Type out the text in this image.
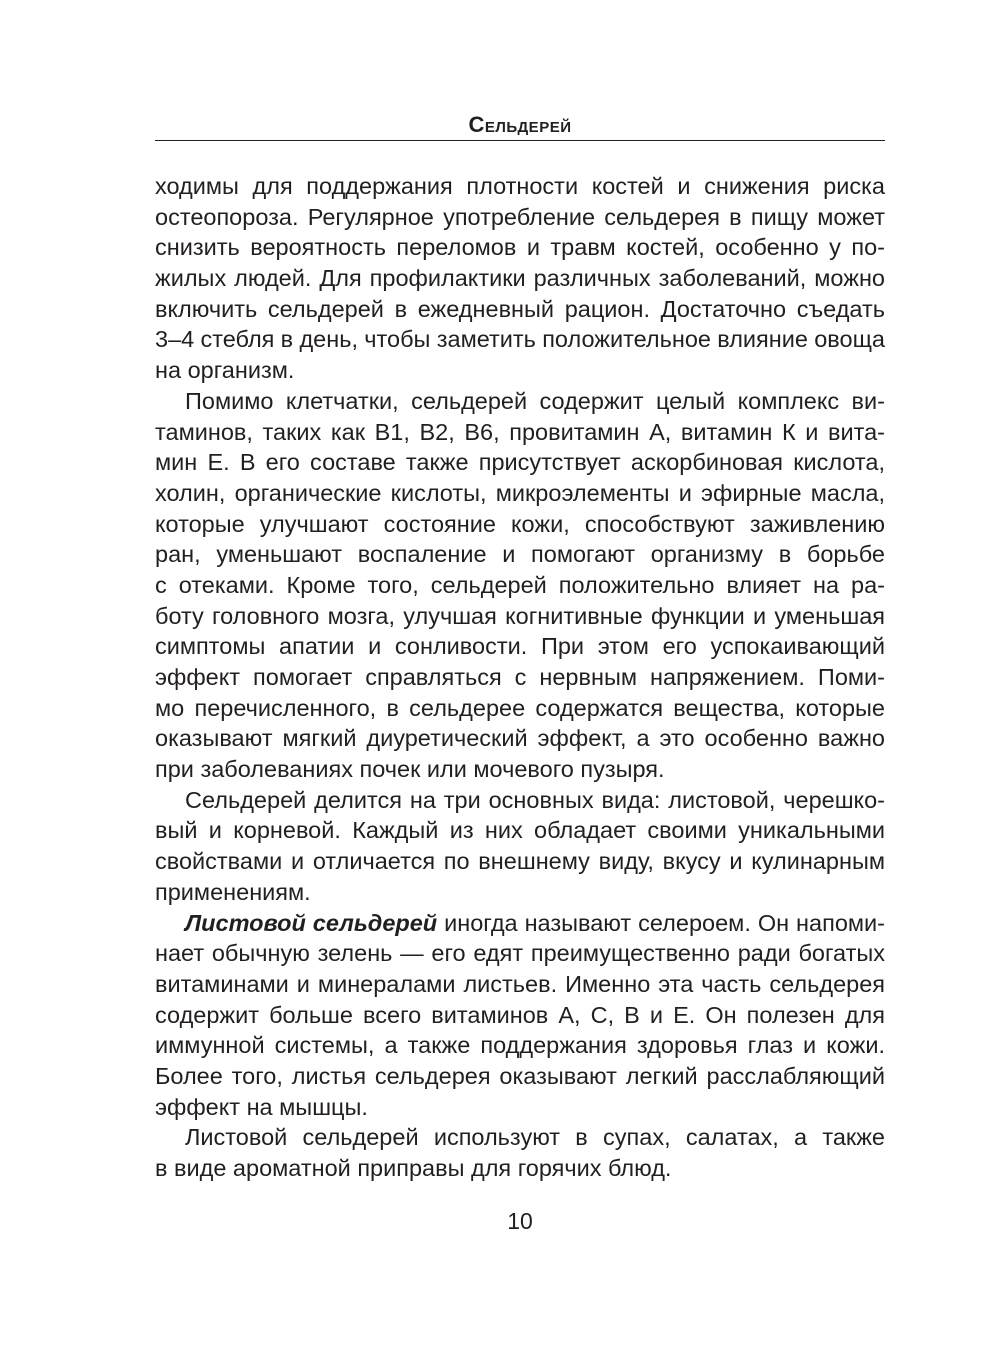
Сельдерей
ходимы для поддержания плотности костей и снижения риска
остеопороза. Регулярное употребление сельдерея в пищу может
снизить вероятность переломов и травм костей, особенно у по-
жилых людей. Для профилактики различных заболеваний, можно
включить сельдерей в ежедневный рацион. Достаточно съедать
3–4 стебля в день, чтобы заметить положительное влияние овоща
на организм.
Помимо клетчатки, сельдерей содержит целый комплекс ви-
таминов, таких как B1, B2, B6, провитамин А, витамин К и вита-
мин Е. В его составе также присутствует аскорбиновая кислота,
холин, органические кислоты, микроэлементы и эфирные масла,
которые улучшают состояние кожи, способствуют заживлению
ран, уменьшают воспаление и помогают организму в борьбе
с отеками. Кроме того, сельдерей положительно влияет на ра-
боту головного мозга, улучшая когнитивные функции и уменьшая
симптомы апатии и сонливости. При этом его успокаивающий
эффект помогает справляться с нервным напряжением. Поми-
мо перечисленного, в сельдерее содержатся вещества, которые
оказывают мягкий диуретический эффект, а это особенно важно
при заболеваниях почек или мочевого пузыря.
Сельдерей делится на три основных вида: листовой, черешко-
вый и корневой. Каждый из них обладает своими уникальными
свойствами и отличается по внешнему виду, вкусу и кулинарным
применениям.
Листовой сельдерей иногда называют селероем. Он напоми-
нает обычную зелень — его едят преимущественно ради богатых
витаминами и минералами листьев. Именно эта часть сельдерея
содержит больше всего витаминов А, С, В и Е. Он полезен для
иммунной системы, а также поддержания здоровья глаз и кожи.
Более того, листья сельдерея оказывают легкий расслабляющий
эффект на мышцы.
Листовой сельдерей используют в супах, салатах, а также
в виде ароматной приправы для горячих блюд.
10
